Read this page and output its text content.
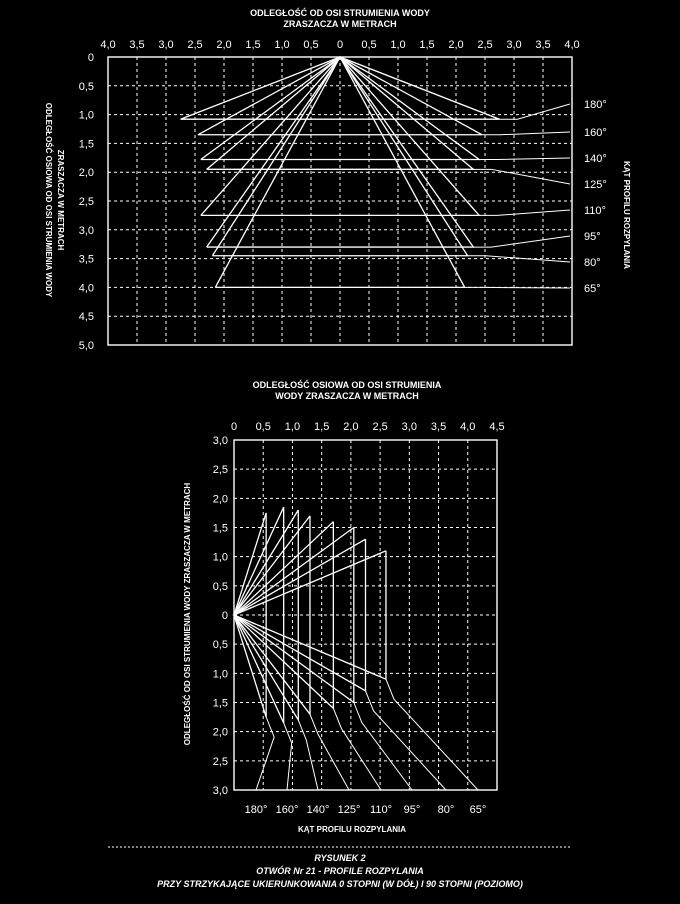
ODLEGŁOŚĆ OD OSI STRUMIENIA WODY
ZRASZACZA W METRACH
4,0 3,5 3,0 2,5 2,0 1,5 1,0 0,5 0 0,5 1,0 1,5 2,0 2,5 3,0 3,5 4,0
0
0,5
1,0
1,5
2,0
2,5
3,0
3,5
4,0
4,5
5,0
180°
160°
140°
125°
110°
95°
80°
65°
ODLEGŁOŚĆ OSIOWA OD OSI STRUMIENIA WODY ZRASZACZA W METRACH	KĄT PROFILU ROZPYLANIA
ODLEGŁOŚĆ OSIOWA OD OSI STRUMIENIA
WODY ZRASZACZA W METRACH
0 0,5 1,0 1,5 2,0 2,5 3,0 3,5 4,0 4,5
3,0
2,5
2,0
1,5
1,0
0,5
0
0,5
1,0
1,5
2,0
2,5
3,0
180° 160° 140° 125° 110° 95° 80° 65°
ODLEGŁOŚĆ OD OSI STRUMIENIA WODY ZRASZACZA W METRACH
KĄT PROFILU ROZPYLANIA
RYSUNEK 2
OTWÓR Nr 21 - PROFILE ROZPYLANIA
PRZY STRZYKAJĄCE UKIERUNKOWANIA 0 STOPNI (W DÓŁ) I 90 STOPNI (POZIOMO)
